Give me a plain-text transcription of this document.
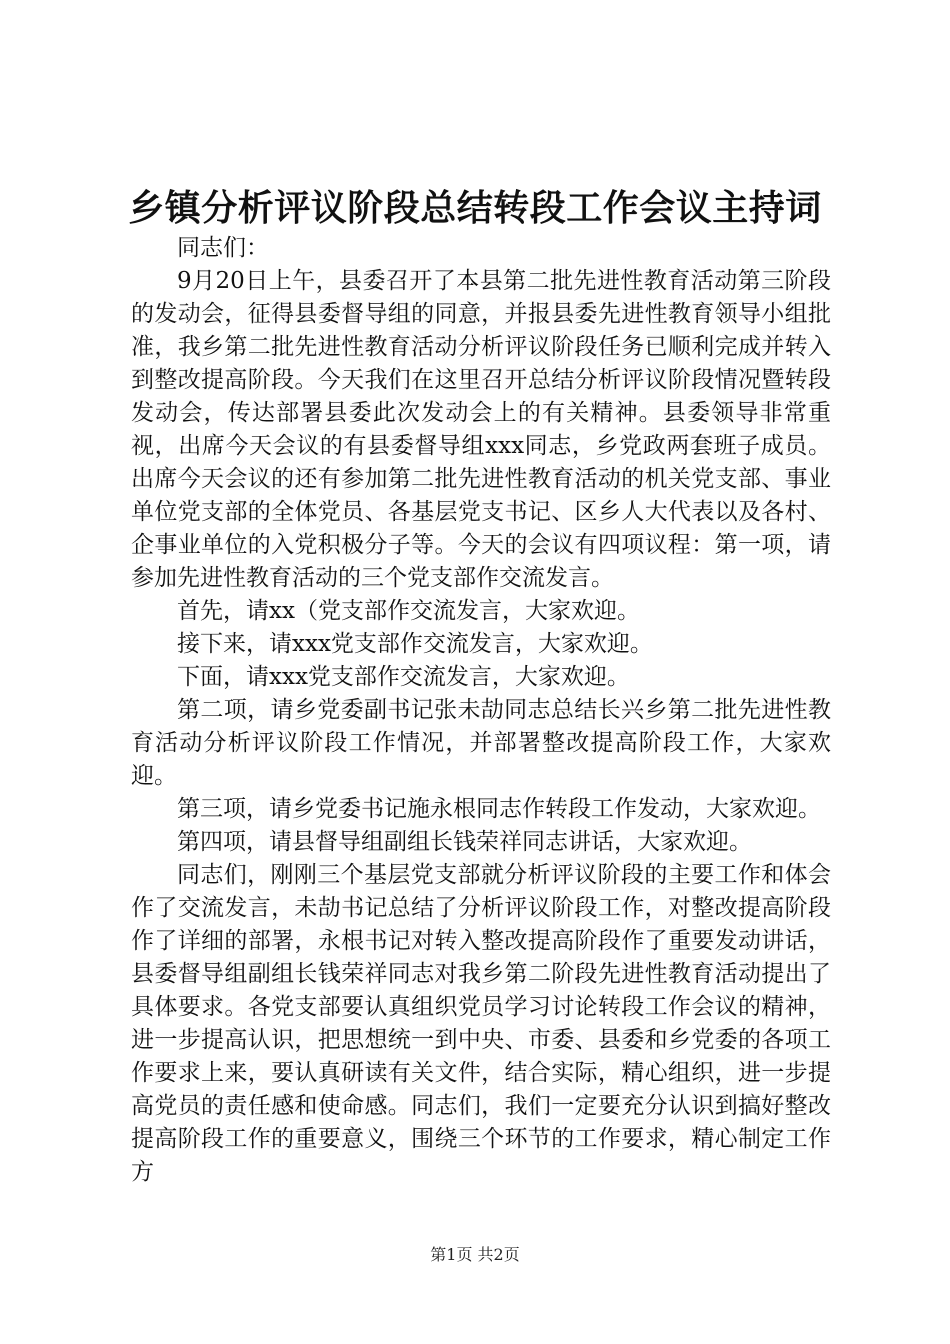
乡镇分析评议阶段总结转段工作会议主持词

同志们：

9月20日上午，县委召开了本县第二批先进性教育活动第三阶段的发动会，征得县委督导组的同意，并报县委先进性教育领导小组批准，我乡第二批先进性教育活动分析评议阶段任务已顺利完成并转入到整改提高阶段。今天我们在这里召开总结分析评议阶段情况暨转段发动会，传达部署县委此次发动会上的有关精神。县委领导非常重视，出席今天会议的有县委督导组xxx同志，乡党政两套班子成员。出席今天会议的还有参加第二批先进性教育活动的机关党支部、事业单位党支部的全体党员、各基层党支书记、区乡人大代表以及各村、企事业单位的入党积极分子等。今天的会议有四项议程：第一项，请参加先进性教育活动的三个党支部作交流发言。

首先，请xx（党支部作交流发言，大家欢迎。

接下来，请xxx党支部作交流发言，大家欢迎。

下面，请xxx党支部作交流发言，大家欢迎。

第二项，请乡党委副书记张未劼同志总结长兴乡第二批先进性教育活动分析评议阶段工作情况，并部署整改提高阶段工作，大家欢迎。

第三项，请乡党委书记施永根同志作转段工作发动，大家欢迎。

第四项，请县督导组副组长钱荣祥同志讲话，大家欢迎。

同志们，刚刚三个基层党支部就分析评议阶段的主要工作和体会作了交流发言，未劼书记总结了分析评议阶段工作，对整改提高阶段作了详细的部署，永根书记对转入整改提高阶段作了重要发动讲话，县委督导组副组长钱荣祥同志对我乡第二阶段先进性教育活动提出了具体要求。各党支部要认真组织党员学习讨论转段工作会议的精神，进一步提高认识，把思想统一到中央、市委、县委和乡党委的各项工作要求上来，要认真研读有关文件，结合实际，精心组织，进一步提高党员的责任感和使命感。同志们，我们一定要充分认识到搞好整改提高阶段工作的重要意义，围绕三个环节的工作要求，精心制定工作方

第1页 共2页
